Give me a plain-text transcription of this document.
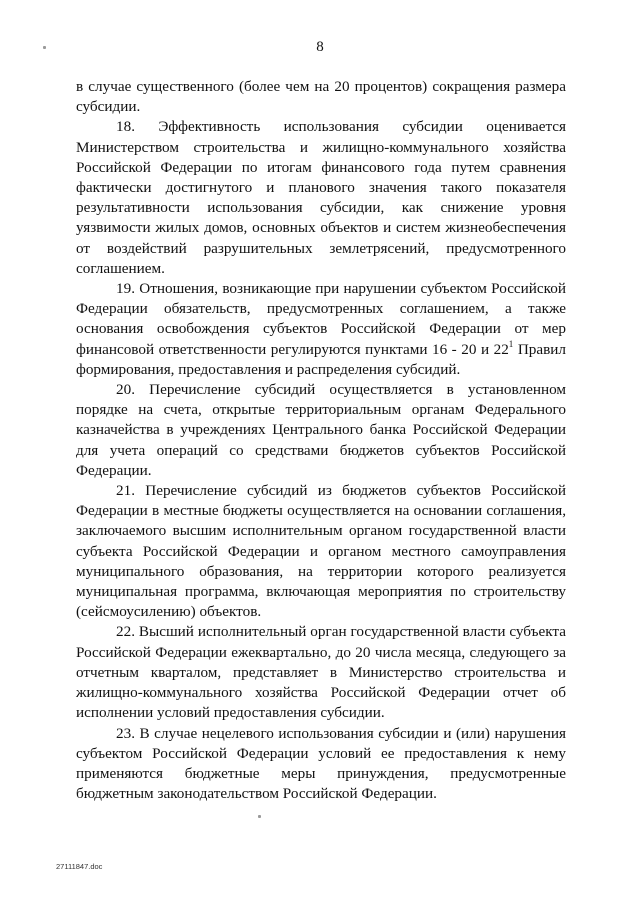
8

в случае существенного (более чем на 20 процентов) сокращения размера субсидии.

18. Эффективность использования субсидии оценивается Министерством строительства и жилищно-коммунального хозяйства Российской Федерации по итогам финансового года путем сравнения фактически достигнутого и планового значения такого показателя результативности использования субсидии, как снижение уровня уязвимости жилых домов, основных объектов и систем жизнеобеспечения от воздействий разрушительных землетрясений, предусмотренного соглашением.

19. Отношения, возникающие при нарушении субъектом Российской Федерации обязательств, предусмотренных соглашением, а также основания освобождения субъектов Российской Федерации от мер финансовой ответственности регулируются пунктами 16 - 20 и $22^1$ Правил формирования, предоставления и распределения субсидий.

20. Перечисление субсидий осуществляется в установленном порядке на счета, открытые территориальным органам Федерального казначейства в учреждениях Центрального банка Российской Федерации для учета операций со средствами бюджетов субъектов Российской Федерации.

21. Перечисление субсидий из бюджетов субъектов Российской Федерации в местные бюджеты осуществляется на основании соглашения, заключаемого высшим исполнительным органом государственной власти субъекта Российской Федерации и органом местного самоуправления муниципального образования, на территории которого реализуется муниципальная программа, включающая мероприятия по строительству (сейсмоусилению) объектов.

22. Высший исполнительный орган государственной власти субъекта Российской Федерации ежеквартально, до 20 числа месяца, следующего за отчетным кварталом, представляет в Министерство строительства и жилищно-коммунального хозяйства Российской Федерации отчет об исполнении условий предоставления субсидии.

23. В случае нецелевого использования субсидии и (или) нарушения субъектом Российской Федерации условий ее предоставления к нему применяются бюджетные меры принуждения, предусмотренные бюджетным законодательством Российской Федерации.

27111847.doc
